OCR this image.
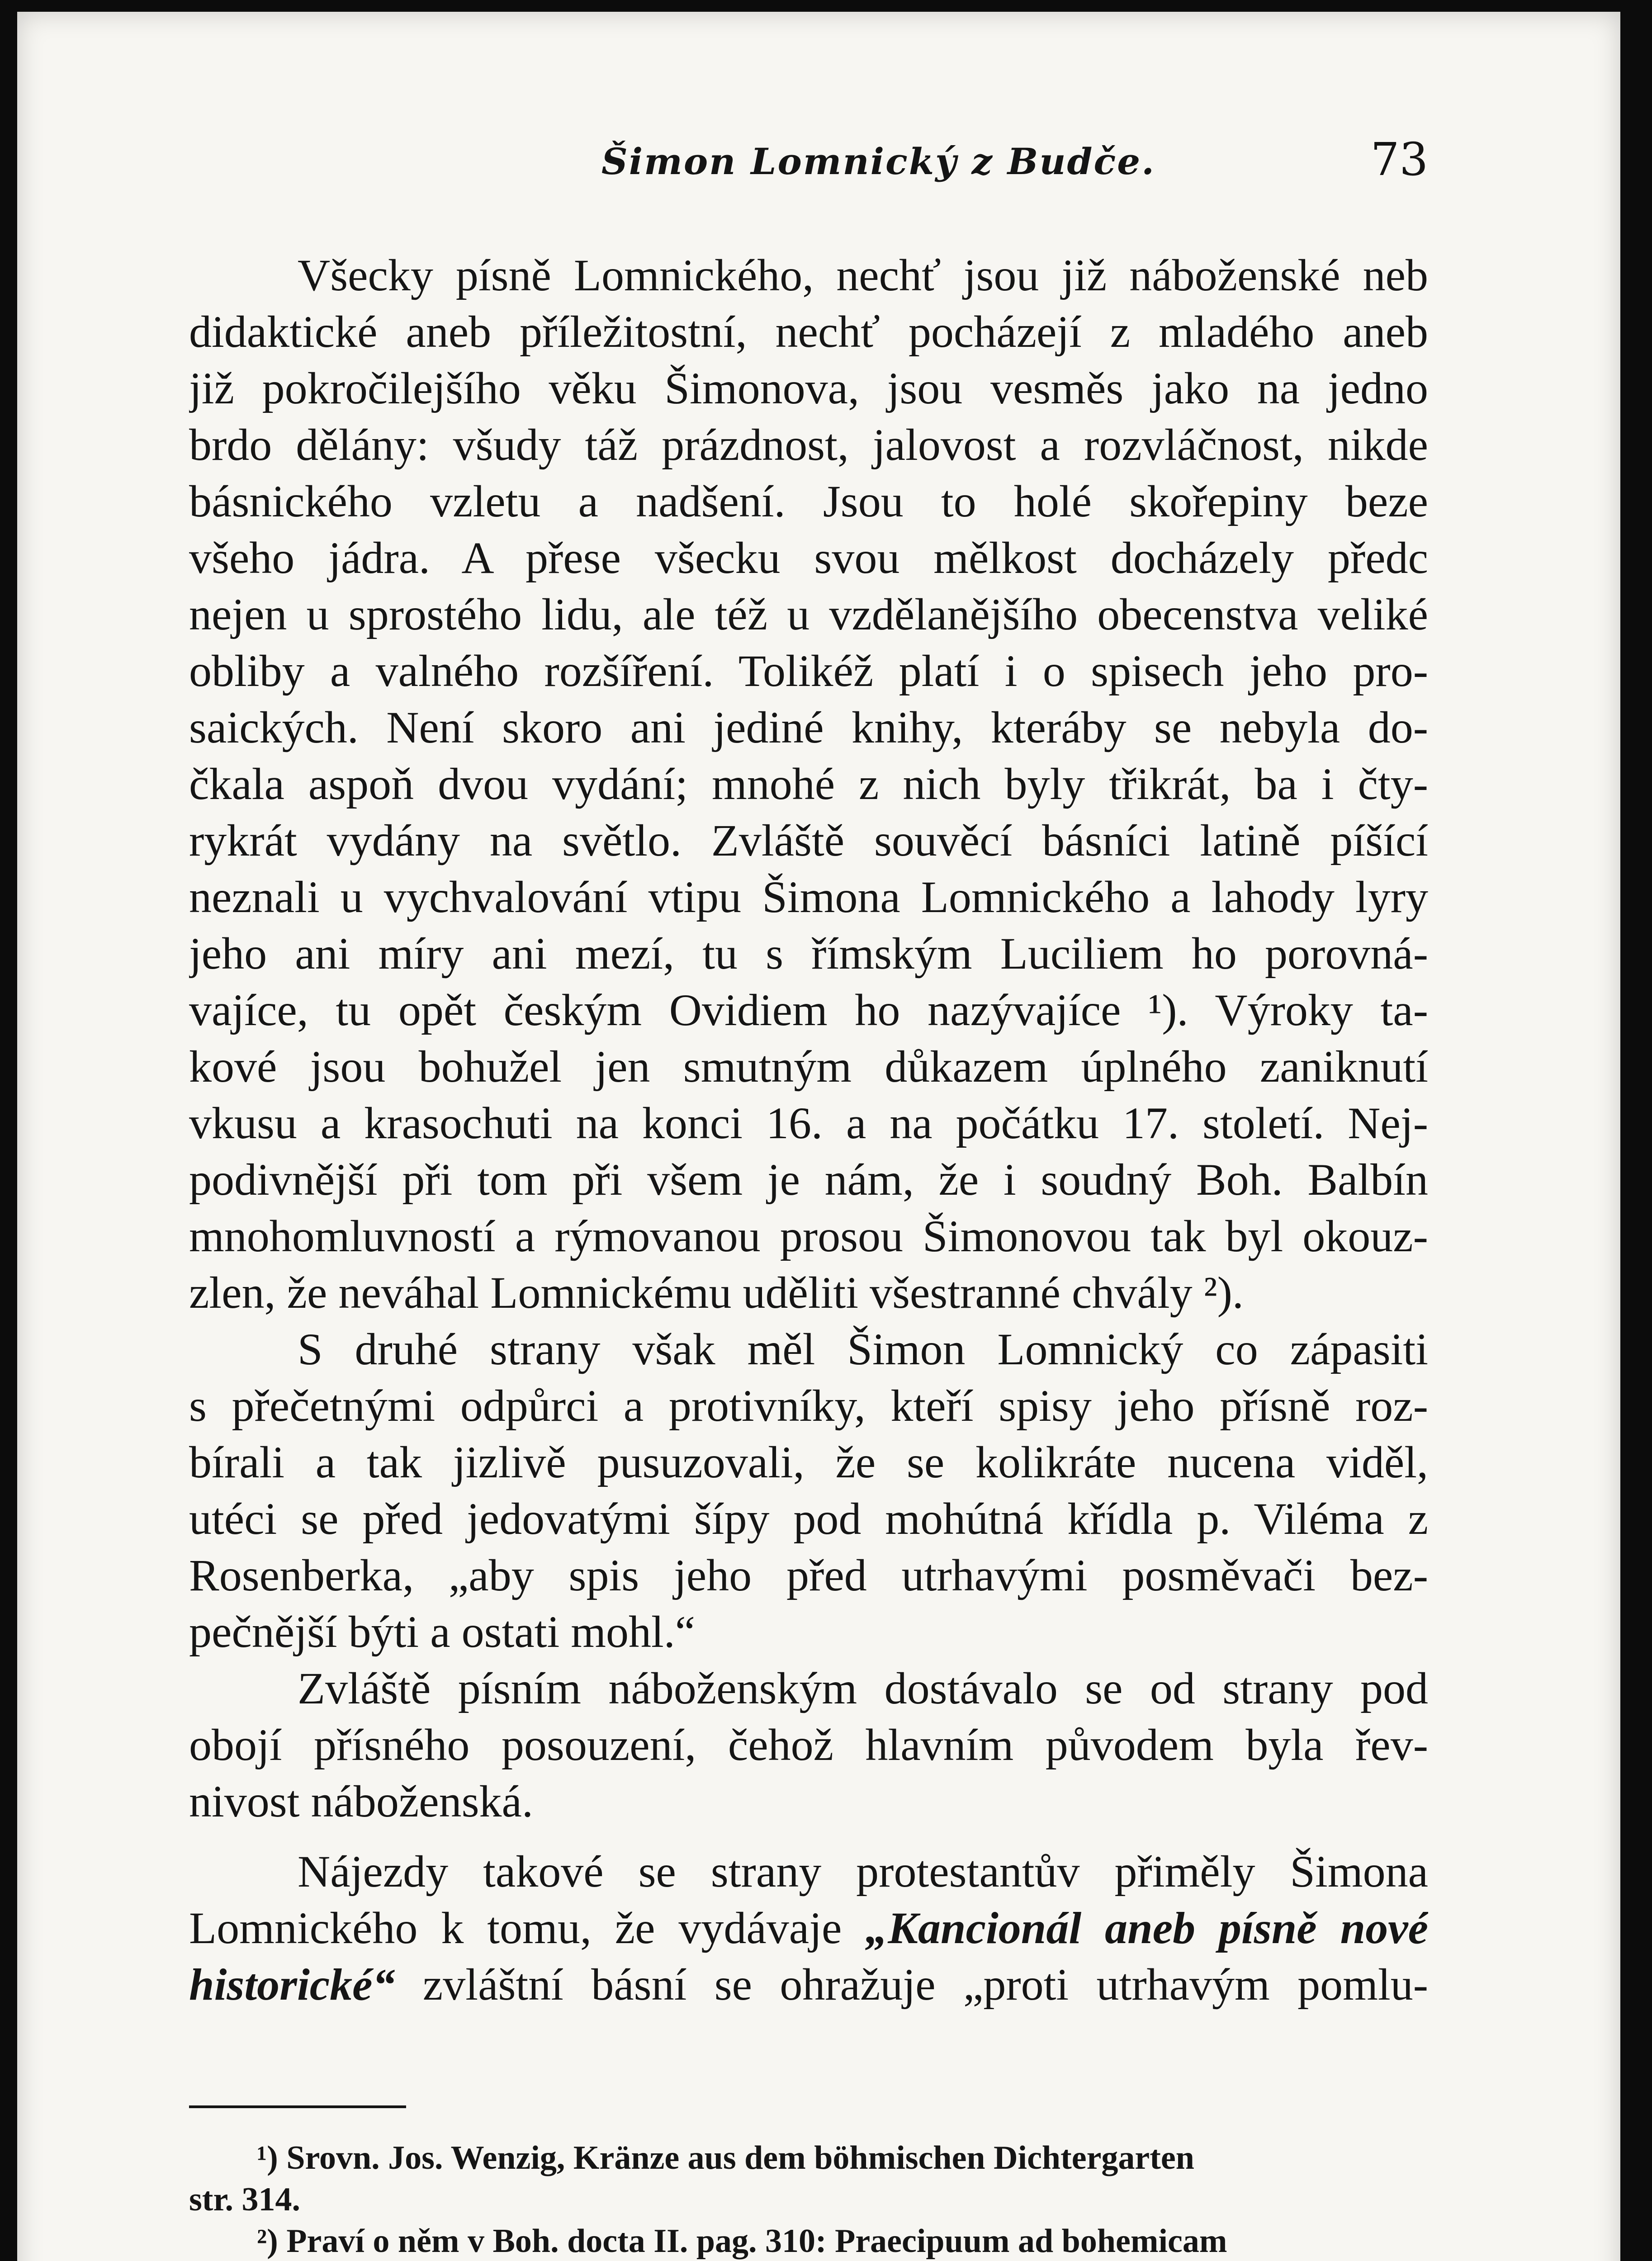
Šimon Lomnický z Budče.	73
Všecky písně Lomnického, nechť jsou již náboženské neb
didaktické aneb příležitostní, nechť pocházejí z mladého aneb
již pokročilejšího věku Šimonova, jsou vesměs jako na jedno
brdo dělány: všudy táž prázdnost, jalovost a rozvláčnost, nikde
básnického vzletu a nadšení. Jsou to holé skořepiny beze
všeho jádra. A přese všecku svou mělkost docházely předc
nejen u sprostého lidu, ale též u vzdělanějšího obecenstva veliké
obliby a valného rozšíření. Tolikéž platí i o spisech jeho pro-
saických. Není skoro ani jediné knihy, kteráby se nebyla do-
čkala aspoň dvou vydání; mnohé z nich byly třikrát, ba i čty-
rykrát vydány na světlo. Zvláště souvěcí básníci latině píšící
neznali u vychvalování vtipu Šimona Lomnického a lahody lyry
jeho ani míry ani mezí, tu s římským Luciliem ho porovná-
vajíce, tu opět českým Ovidiem ho nazývajíce ¹). Výroky ta-
kové jsou bohužel jen smutným důkazem úplného zaniknutí
vkusu a krasochuti na konci 16. a na počátku 17. století. Nej-
podivnější při tom při všem je nám, že i soudný Boh. Balbín
mnohomluvností a rýmovanou prosou Šimonovou tak byl okouz-
zlen, že neváhal Lomnickému uděliti všestranné chvály ²).
S druhé strany však měl Šimon Lomnický co zápasiti
s přečetnými odpůrci a protivníky, kteří spisy jeho přísně roz-
bírali a tak jizlivě pusuzovali, že se kolikráte nucena viděl,
utéci se před jedovatými šípy pod mohútná křídla p. Viléma z
Rosenberka, „aby spis jeho před utrhavými posměvači bez-
pečnější býti a ostati mohl.“
Zvláště písním náboženským dostávalo se od strany pod
obojí přísného posouzení, čehož hlavním původem byla řev-
nivost náboženská.
Nájezdy takové se strany protestantův přiměly Šimona
Lomnického k tomu, že vydávaje „Kancionál aneb písně nové
historické“ zvláštní básní se ohražuje „proti utrhavým pomlu-
¹) Srovn. Jos. Wenzig, Kränze aus dem böhmischen Dichtergarten
str. 314.
²) Praví o něm v Boh. docta II. pag. 310: Praecipuum ad bohemicam
